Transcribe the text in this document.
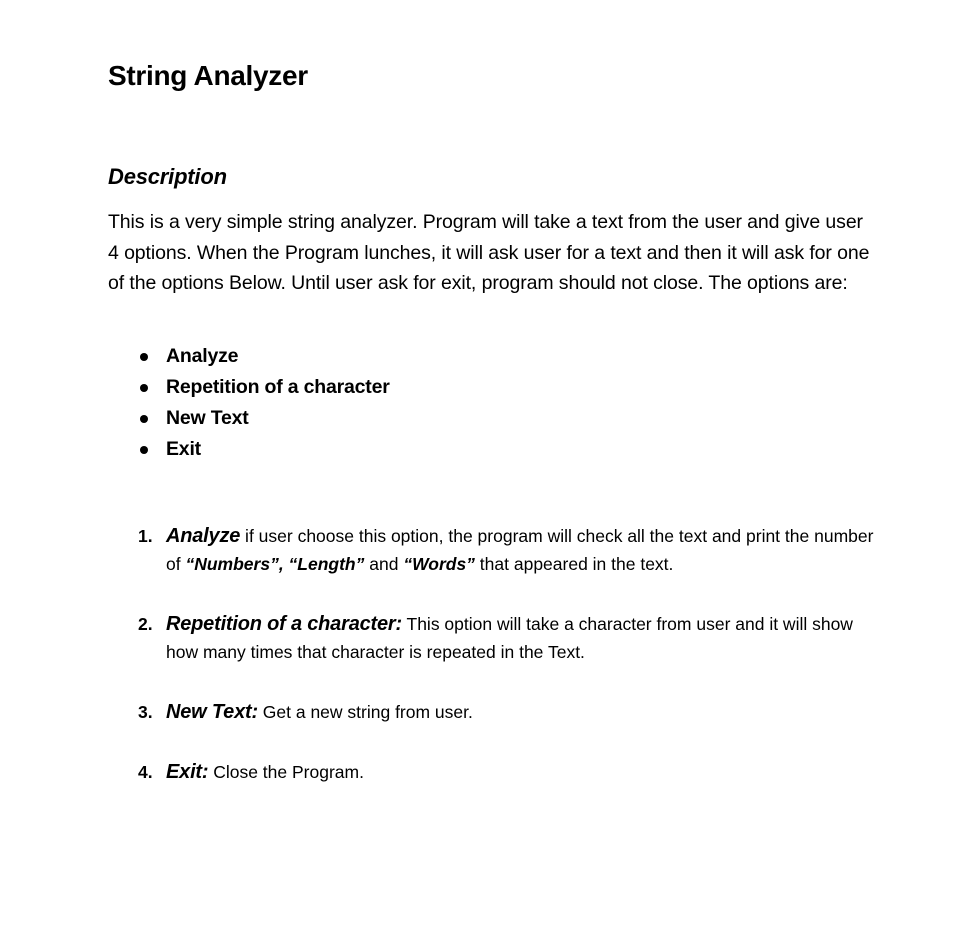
String Analyzer
Description

This is a very simple string analyzer. Program will take a text from the user and give user 4 options. When the Program lunches, it will ask user for a text and then it will ask for one of the options Below. Until user ask for exit, program should not close. The options are:

Analyze
Repetition of a character
New Text
Exit
1. Analyze if user choose this option, the program will check all the text and print the number of “Numbers”, “Length” and “Words” that appeared in the text.
2. Repetition of a character: This option will take a character from user and it will show how many times that character is repeated in the Text.
3. New Text: Get a new string from user.
4. Exit: Close the Program.
